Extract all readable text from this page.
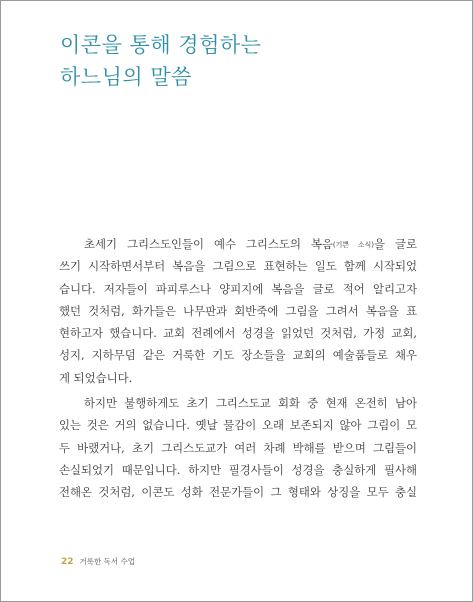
이콘을 통해 경험하는
하느님의 말씀
초세기 그리스도인들이 예수 그리스도의 복음(기쁜 소식)을 글로
쓰기 시작하면서부터 복음을 그림으로 표현하는 일도 함께 시작되었
습니다. 저자들이 파피루스나 양피지에 복음을 글로 적어 알리고자
했던 것처럼, 화가들은 나무판과 회반죽에 그림을 그려서 복음을 표
현하고자 했습니다. 교회 전례에서 성경을 읽었던 것처럼, 가정 교회,
성지, 지하무덤 같은 거룩한 기도 장소들을 교회의 예술품들로 채우
게 되었습니다.
하지만 불행하게도 초기 그리스도교 회화 중 현재 온전히 남아
있는 것은 거의 없습니다. 옛날 물감이 오래 보존되지 않아 그림이 모
두 바랬거나, 초기 그리스도교가 여러 차례 박해를 받으며 그림들이
손실되었기 때문입니다. 하지만 필경사들이 성경을 충실하게 필사해
전해온 것처럼, 이콘도 성화 전문가들이 그 형태와 상징을 모두 충실
22 거룩한 독서 수업
